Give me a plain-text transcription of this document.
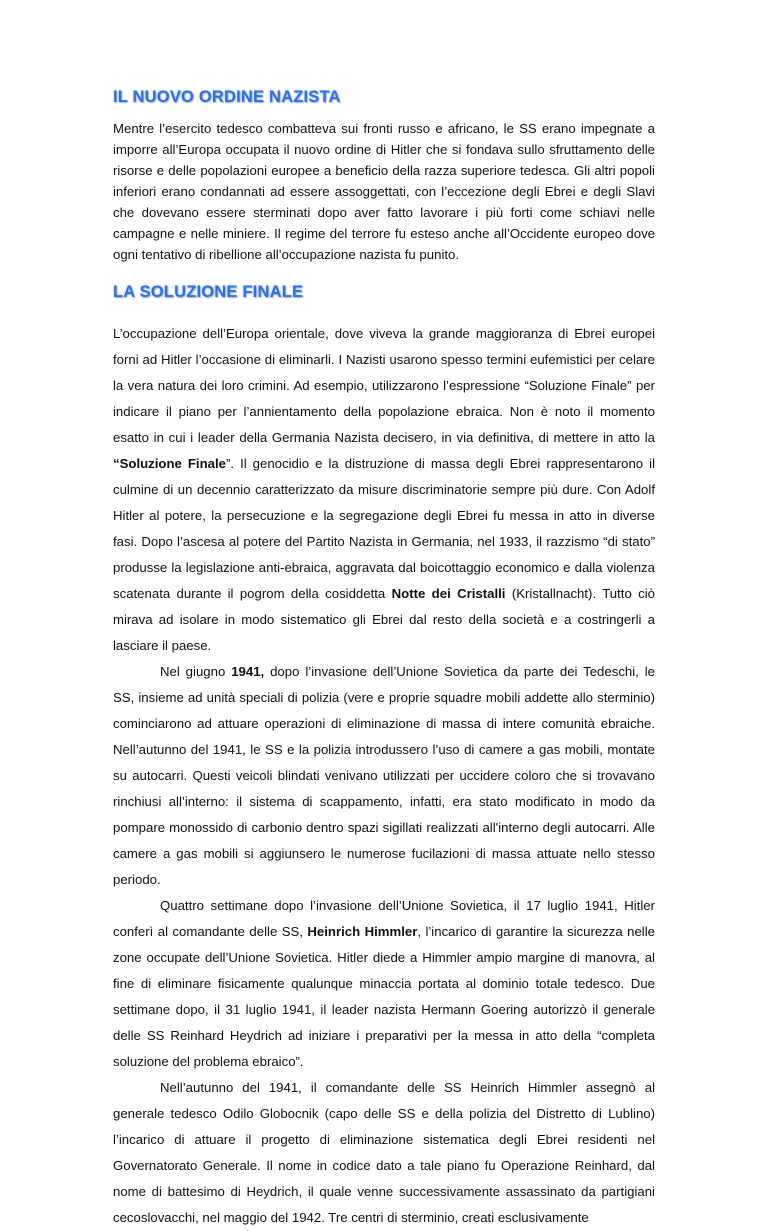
IL NUOVO ORDINE NAZISTA

Mentre l’esercito tedesco combatteva sui fronti russo e africano, le SS erano impegnate a imporre all’Europa occupata il nuovo ordine di Hitler che si fondava sullo sfruttamento delle risorse e delle popolazioni europee a beneficio della razza superiore tedesca. Gli altri popoli inferiori erano condannati ad essere assoggettati, con l’eccezione degli Ebrei e degli Slavi che dovevano essere sterminati dopo aver fatto lavorare i più forti come schiavi nelle campagne e nelle miniere. Il regime del terrore fu esteso anche all’Occidente europeo dove ogni tentativo di ribellione all’occupazione nazista fu punito.

LA SOLUZIONE FINALE

L’occupazione dell’Europa orientale, dove viveva la grande maggioranza di Ebrei europei forni ad Hitler l’occasione di eliminarli. I Nazisti usarono spesso termini eufemistici per celare la vera natura dei loro crimini. Ad esempio, utilizzarono l’espressione “Soluzione Finale” per indicare il piano per l’annientamento della popolazione ebraica. Non è noto il momento esatto in cui i leader della Germania Nazista decisero, in via definitiva, di mettere in atto la “Soluzione Finale”. Il genocidio e la distruzione di massa degli Ebrei rappresentarono il culmine di un decennio caratterizzato da misure discriminatorie sempre più dure. Con Adolf Hitler al potere, la persecuzione e la segregazione degli Ebrei fu messa in atto in diverse fasi. Dopo l’ascesa al potere del Partito Nazista in Germania, nel 1933, il razzismo “di stato” produsse la legislazione anti-ebraica, aggravata dal boicottaggio economico e dalla violenza scatenata durante il pogrom della cosiddetta Notte dei Cristalli (Kristallnacht). Tutto ciò mirava ad isolare in modo sistematico gli Ebrei dal resto della società e a costringerli a lasciare il paese.

Nel giugno 1941, dopo l’invasione dell’Unione Sovietica da parte dei Tedeschi, le SS, insieme ad unità speciali di polizia (vere e proprie squadre mobili addette allo sterminio) cominciarono ad attuare operazioni di eliminazione di massa di intere comunità ebraiche. Nell’autunno del 1941, le SS e la polizia introdussero l’uso di camere a gas mobili, montate su autocarri. Questi veicoli blindati venivano utilizzati per uccidere coloro che si trovavano rinchiusi all’interno: il sistema di scappamento, infatti, era stato modificato in modo da pompare monossido di carbonio dentro spazi sigillati realizzati all'interno degli autocarri. Alle camere a gas mobili si aggiunsero le numerose fucilazioni di massa attuate nello stesso periodo.

Quattro settimane dopo l’invasione dell’Unione Sovietica, il 17 luglio 1941, Hitler conferì al comandante delle SS, Heinrich Himmler, l’incarico di garantire la sicurezza nelle zone occupate dell’Unione Sovietica. Hitler diede a Himmler ampio margine di manovra, al fine di eliminare fisicamente qualunque minaccia portata al dominio totale tedesco. Due settimane dopo, il 31 luglio 1941, il leader nazista Hermann Goering autorizzò il generale delle SS Reinhard Heydrich ad iniziare i preparativi per la messa in atto della “completa soluzione del problema ebraico”.

Nell’autunno del 1941, il comandante delle SS Heinrich Himmler assegnò al generale tedesco Odilo Globocnik (capo delle SS e della polizia del Distretto di Lublino) l’incarico di attuare il progetto di eliminazione sistematica degli Ebrei residenti nel Governatorato Generale. Il nome in codice dato a tale piano fu Operazione Reinhard, dal nome di battesimo di Heydrich, il quale venne successivamente assassinato da partigiani cecoslovacchi, nel maggio del 1942. Tre centri di sterminio, creati esclusivamente
